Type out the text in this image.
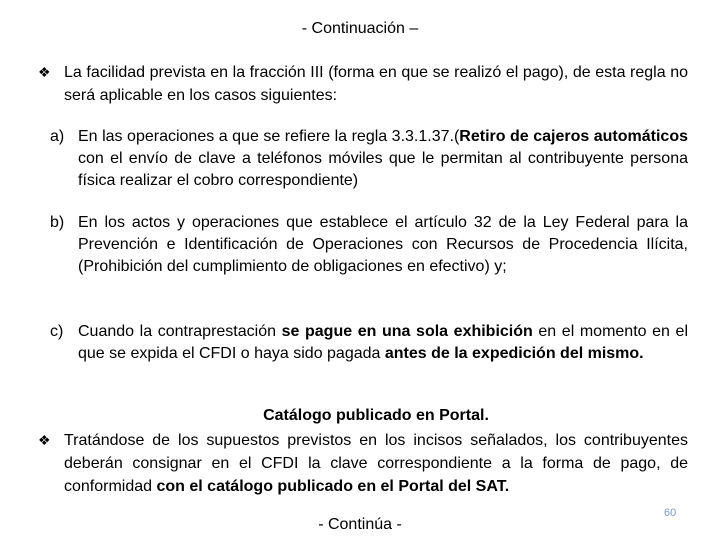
- Continuación –
❖ La facilidad prevista en la fracción III (forma en que se realizó el pago), de esta regla no será aplicable en los casos siguientes:

a) En las operaciones a que se refiere la regla 3.3.1.37.(Retiro de cajeros automáticos con el envío de clave a teléfonos móviles que le permitan al contribuyente persona física realizar el cobro correspondiente)

b) En los actos y operaciones que establece el artículo 32 de la Ley Federal para la Prevención e Identificación de Operaciones con Recursos de Procedencia Ilícita, (Prohibición del cumplimiento de obligaciones en efectivo) y;

c) Cuando la contraprestación se pague en una sola exhibición en el momento en el que se expida el CFDI o haya sido pagada antes de la expedición del mismo.

Catálogo publicado en Portal.
❖ Tratándose de los supuestos previstos en los incisos señalados, los contribuyentes deberán consignar en el CFDI la clave correspondiente a la forma de pago, de conformidad con el catálogo publicado en el Portal del SAT.

60
- Continúa -
